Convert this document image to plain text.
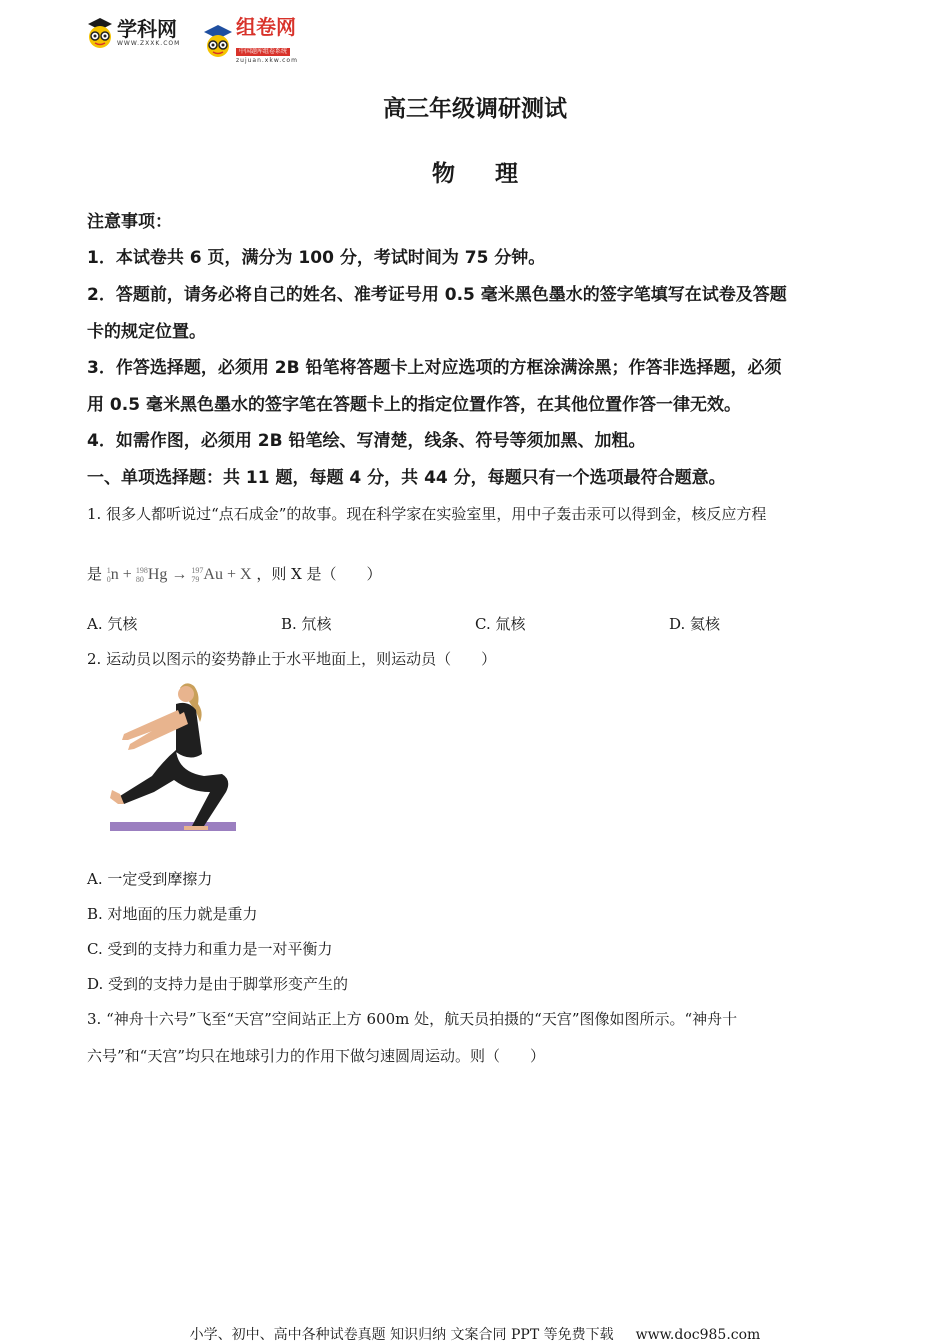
学科网
WWW.ZXXK.COM
组卷网
中国题库组卷系统
zujuan.xkw.com
高三年级调研测试
物 理
注意事项：
1．本试卷共 6 页，满分为 100 分，考试时间为 75 分钟。
2．答题前，请务必将自己的姓名、准考证号用 0.5 毫米黑色墨水的签字笔填写在试卷及答题
卡的规定位置。
3．作答选择题，必须用 2B 铅笔将答题卡上对应选项的方框涂满涂黑；作答非选择题，必须
用 0.5 毫米黑色墨水的签字笔在答题卡上的指定位置作答，在其他位置作答一律无效。
4．如需作图，必须用 2B 铅笔绘、写清楚，线条、符号等须加黑、加粗。
一、单项选择题：共 11 题，每题 4 分，共 44 分，每题只有一个选项最符合题意。
1. 很多人都听说过“点石成金”的故事。现在科学家在实验室里，用中子轰击汞可以得到金，核反应方程
是 1
0 n + 198
80 Hg → 197
79 Au + X ，则 X 是（　　）
A. 氕核	B. 氘核	C. 氚核	D. 氦核
2. 运动员以图示的姿势静止于水平地面上，则运动员（　　）
A. 一定受到摩擦力
B. 对地面的压力就是重力
C. 受到的支持力和重力是一对平衡力
D. 受到的支持力是由于脚掌形变产生的
3. “神舟十六号”飞至“天宫”空间站正上方 600m 处，航天员拍摄的“天宫”图像如图所示。“神舟十
六号”和“天宫”均只在地球引力的作用下做匀速圆周运动。则（　　）
小学、初中、高中各种试卷真题 知识归纳 文案合同 PPT 等免费下载 www.doc985.com
